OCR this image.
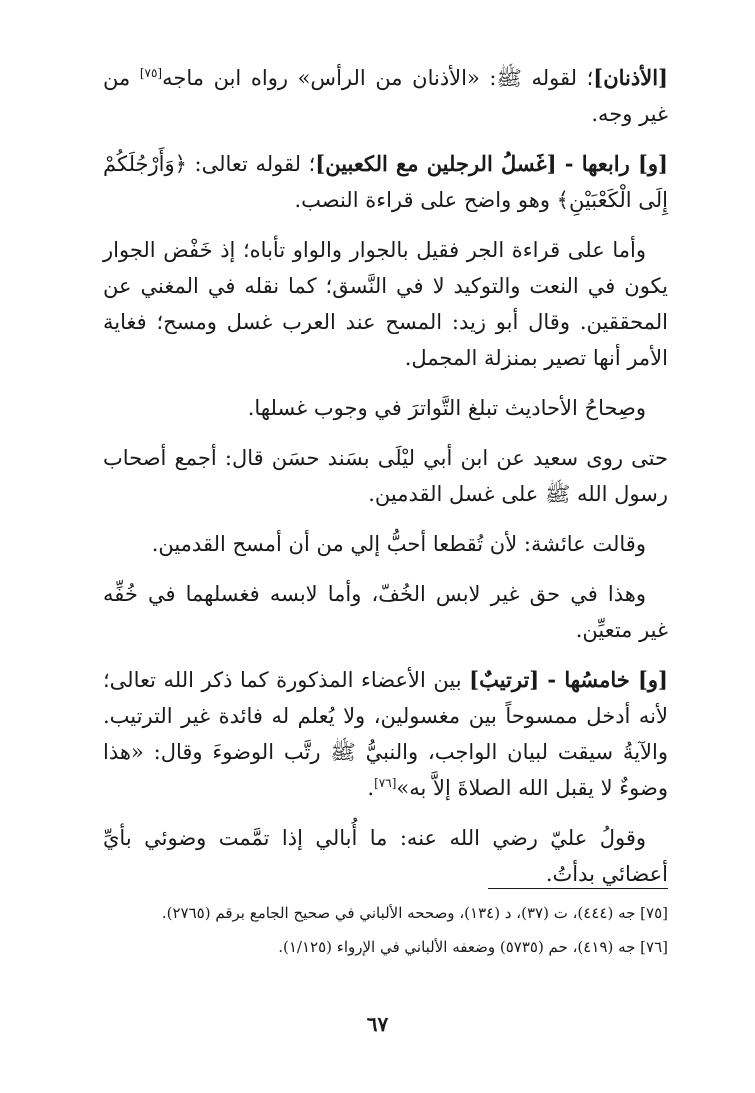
[الأذنان]؛ لقوله ﷺ: «الأذنان من الرأس» رواه ابن ماجه[٧٥] من غير وجه.

[و] رابعها - [غَسلُ الرجلين مع الكعبين]؛ لقوله تعالى: ﴿وَأَرْجُلَكُمْ إِلَى الْكَعْبَيْنِ﴾ وهو واضح على قراءة النصب.

وأما على قراءة الجر فقيل بالجوار والواو تأباه؛ إذ خَفْض الجوار يكون في النعت والتوكيد لا في النَّسق؛ كما نقله في المغني عن المحققين. وقال أبو زيد: المسح عند العرب غسل ومسح؛ فغاية الأمر أنها تصير بمنزلة المجمل.

وصِحاحُ الأحاديث تبلغ التَّواترَ في وجوب غسلها.

حتى روى سعيد عن ابن أبي ليْلَى بسَند حسَن قال: أجمع أصحاب رسول الله ﷺ على غسل القدمين.

وقالت عائشة: لأن تُقطعا أحبُّ إلي من أن أمسح القدمين.

وهذا في حق غير لابس الخُفّ، وأما لابسه فغسلهما في خُفِّه غير متعيِّن.

[و] خامسُها - [ترتيبٌ] بين الأعضاء المذكورة كما ذكر الله تعالى؛ لأنه أدخل ممسوحاً بين مغسولين، ولا يُعلم له فائدة غير الترتيب. والآيةُ سيقت لبيان الواجب، والنبيُّ ﷺ رتَّب الوضوءَ وقال: «هذا وضوءٌ لا يقبل الله الصلاةَ إلاَّ به»[٧٦].

وقولُ عليّ رضي الله عنه: ما أُبالي إذا تمَّمت وضوئي بأيِّ أعضائي بدأتُ.

[٧٥] جه (٤٤٤)، ت (٣٧)، د (١٣٤)، وصححه الألباني في صحيح الجامع برقم (٢٧٦٥).

[٧٦] جه (٤١٩)، حم (٥٧٣٥) وضعفه الألباني في الإرواء (١/١٢٥).

٦٧
